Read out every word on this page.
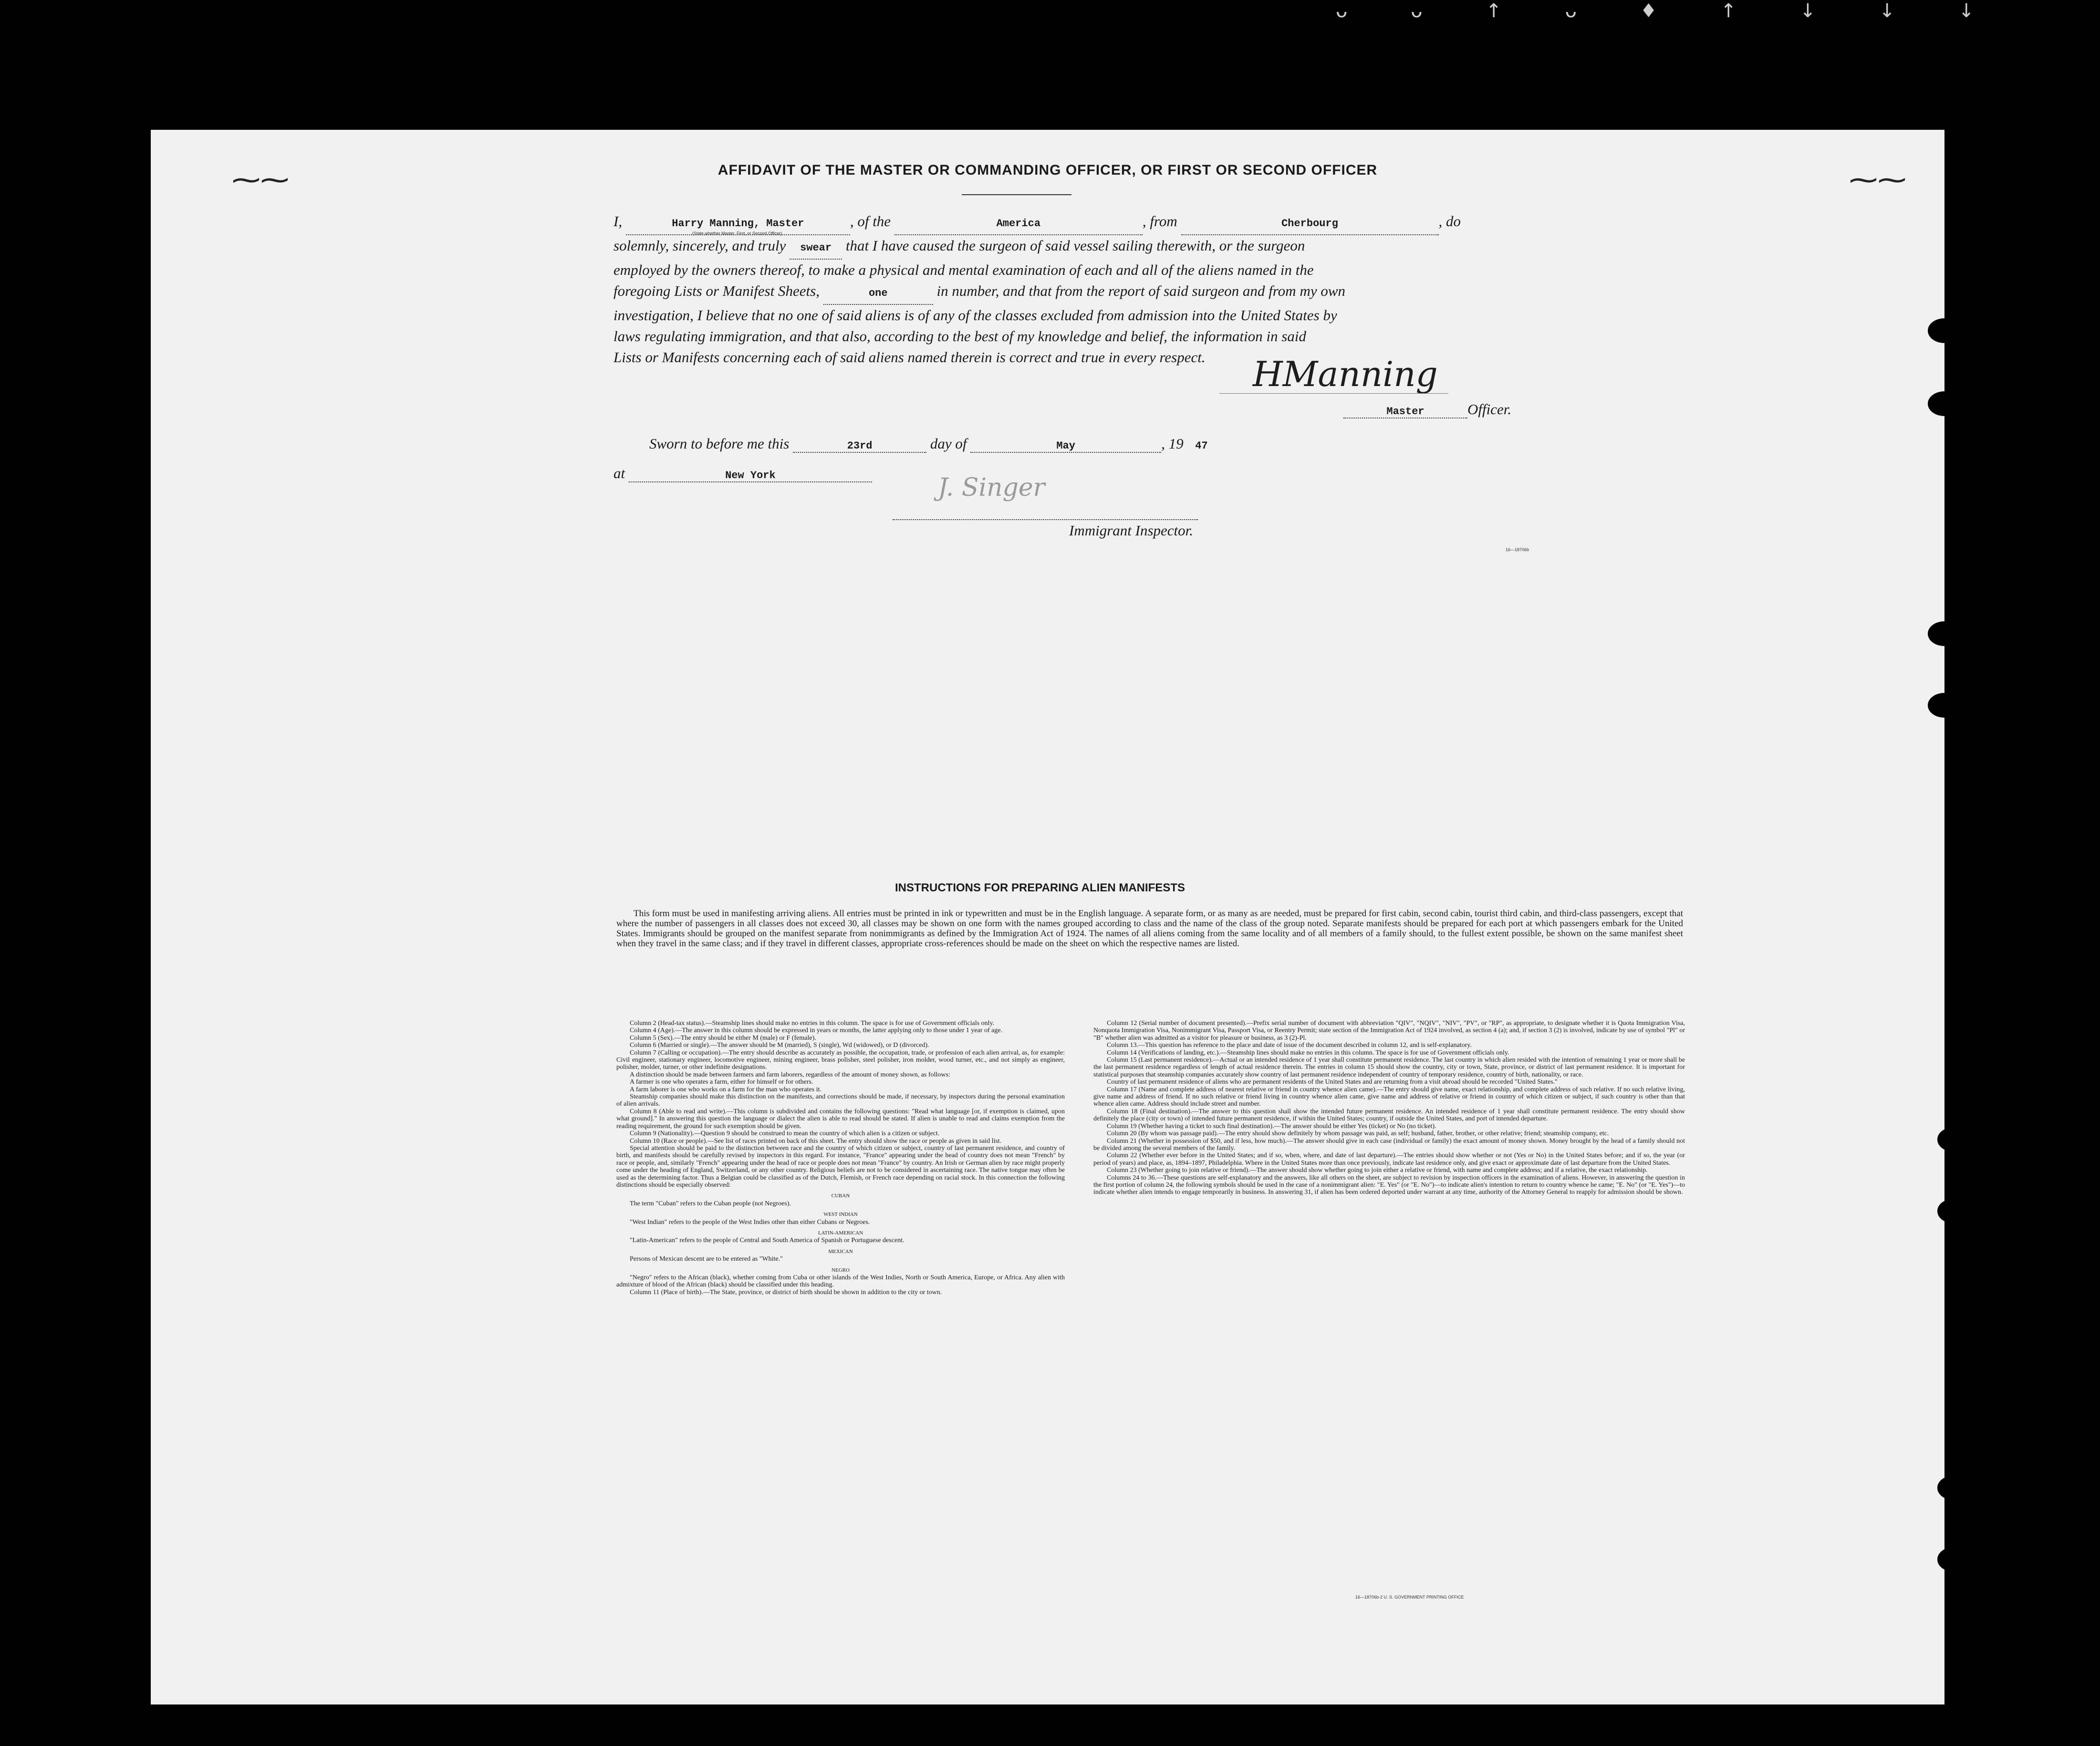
ᴗ ᴗ ↑ ᴗ ♦ ↑ ↓ ↓ ↓
⁓⁓	⁓⁓
AFFIDAVIT OF THE MASTER OR COMMANDING OFFICER, OR FIRST OR SECOND OFFICER
I,	Harry Manning, Master	, of the	America	, from	Cherbourg	, do
solemnly, sincerely, and truly swear that I have caused the surgeon of said vessel sailing therewith, or the surgeon
employed by the owners thereof, to make a physical and mental examination of each and all of the aliens named in the
foregoing Lists or Manifest Sheets,	one	in number, and that from the report of said surgeon and from my own
investigation, I believe that no one of said aliens is of any of the classes excluded from admission into the United States by
laws regulating immigration, and that also, according to the best of my knowledge and belief, the information in said
Lists or Manifests concerning each of said aliens named therein is correct and true in every respect.
(State whether Master, First, or Second Officer)
HManning
Master	Officer.
Sworn to before me this	23rd	day of	May	, 19 47
at	New York	J. Singer
Immigrant Inspector.
16—18706b
INSTRUCTIONS FOR PREPARING ALIEN MANIFESTS
This form must be used in manifesting arriving aliens. All entries must be printed in ink or typewritten and must be in the English language. A separate form, or as many as are needed, must be prepared for first cabin, second cabin, tourist third cabin, and third-class passengers, except that where the number of passengers in all classes does not exceed 30, all classes may be shown on one form with the names grouped according to class and the name of the class of the group noted. Separate manifests should be prepared for each port at which passengers embark for the United States. Immigrants should be grouped on the manifest separate from nonimmigrants as defined by the Immigration Act of 1924. The names of all aliens coming from the same locality and of all members of a family should, to the fullest extent possible, be shown on the same manifest sheet when they travel in the same class; and if they travel in different classes, appropriate cross-references should be made on the sheet on which the respective names are listed.

Column 2 (Head-tax status).—Steamship lines should make no entries in this column. The space is for use of Government officials only.

Column 4 (Age).—The answer in this column should be expressed in years or months, the latter applying only to those under 1 year of age.

Column 5 (Sex).—The entry should be either M (male) or F (female).

Column 6 (Married or single).—The answer should be M (married), S (single), Wd (widowed), or D (divorced).

Column 7 (Calling or occupation).—The entry should describe as accurately as possible, the occupation, trade, or profession of each alien arrival, as, for example: Civil engineer, stationary engineer, locomotive engineer, mining engineer, brass polisher, steel polisher, iron molder, wood turner, etc., and not simply as engineer, polisher, molder, turner, or other indefinite designations.

A distinction should be made between farmers and farm laborers, regardless of the amount of money shown, as follows:

A farmer is one who operates a farm, either for himself or for others.

A farm laborer is one who works on a farm for the man who operates it.

Steamship companies should make this distinction on the manifests, and corrections should be made, if necessary, by inspectors during the personal examination of alien arrivals.

Column 8 (Able to read and write).—This column is subdivided and contains the following questions: "Read what language [or, if exemption is claimed, upon what ground]." In answering this question the language or dialect the alien is able to read should be stated. If alien is unable to read and claims exemption from the reading requirement, the ground for such exemption should be given.

Column 9 (Nationality).—Question 9 should be construed to mean the country of which alien is a citizen or subject.

Column 10 (Race or people).—See list of races printed on back of this sheet. The entry should show the race or people as given in said list.

Special attention should be paid to the distinction between race and the country of which citizen or subject, country of last permanent residence, and country of birth, and manifests should be carefully revised by inspectors in this regard. For instance, "France" appearing under the head of country does not mean "French" by race or people, and, similarly "French" appearing under the head of race or people does not mean "France" by country. An Irish or German alien by race might properly come under the heading of England, Switzerland, or any other country. Religious beliefs are not to be considered in ascertaining race. The native tongue may often be used as the determining factor. Thus a Belgian could be classified as of the Dutch, Flemish, or French race depending on racial stock. In this connection the following distinctions should be especially observed:

CUBAN

The term "Cuban" refers to the Cuban people (not Negroes).

WEST INDIAN

"West Indian" refers to the people of the West Indies other than either Cubans or Negroes.

LATIN-AMERICAN

"Latin-American" refers to the people of Central and South America of Spanish or Portuguese descent.

MEXICAN

Persons of Mexican descent are to be entered as "White."

NEGRO

"Negro" refers to the African (black), whether coming from Cuba or other islands of the West Indies, North or South America, Europe, or Africa. Any alien with admixture of blood of the African (black) should be classified under this heading.

Column 11 (Place of birth).—The State, province, or district of birth should be shown in addition to the city or town.

Column 12 (Serial number of document presented).—Prefix serial number of document with abbreviation "QIV", "NQIV", "NIV", "PV", or "RP", as appropriate, to designate whether it is Quota Immigration Visa, Nonquota Immigration Visa, Nonimmigrant Visa, Passport Visa, or Reentry Permit; state section of the Immigration Act of 1924 involved, as section 4 (a); and, if section 3 (2) is involved, indicate by use of symbol "Pl" or "B" whether alien was admitted as a visitor for pleasure or business, as 3 (2)-Pl.

Column 13.—This question has reference to the place and date of issue of the document described in column 12, and is self-explanatory.

Column 14 (Verifications of landing, etc.).—Steamship lines should make no entries in this column. The space is for use of Government officials only.

Column 15 (Last permanent residence).—Actual or an intended residence of 1 year shall constitute permanent residence. The last country in which alien resided with the intention of remaining 1 year or more shall be the last permanent residence regardless of length of actual residence therein. The entries in column 15 should show the country, city or town, State, province, or district of last permanent residence. It is important for statistical purposes that steamship companies accurately show country of last permanent residence independent of country of temporary residence, country of birth, nationality, or race.

Country of last permanent residence of aliens who are permanent residents of the United States and are returning from a visit abroad should be recorded "United States."

Column 17 (Name and complete address of nearest relative or friend in country whence alien came).—The entry should give name, exact relationship, and complete address of such relative. If no such relative living, give name and address of friend. If no such relative or friend living in country whence alien came, give name and address of relative or friend in country of which citizen or subject, if such country is other than that whence alien came. Address should include street and number.

Column 18 (Final destination).—The answer to this question shall show the intended future permanent residence. An intended residence of 1 year shall constitute permanent residence. The entry should show definitely the place (city or town) of intended future permanent residence, if within the United States; country, if outside the United States, and port of intended departure.

Column 19 (Whether having a ticket to such final destination).—The answer should be either Yes (ticket) or No (no ticket).

Column 20 (By whom was passage paid).—The entry should show definitely by whom passage was paid, as self; husband, father, brother, or other relative; friend; steamship company, etc.

Column 21 (Whether in possession of $50, and if less, how much).—The answer should give in each case (individual or family) the exact amount of money shown. Money brought by the head of a family should not be divided among the several members of the family.

Column 22 (Whether ever before in the United States; and if so, when, where, and date of last departure).—The entries should show whether or not (Yes or No) in the United States before; and if so, the year (or period of years) and place, as, 1894–1897, Philadelphia. Where in the United States more than once previously, indicate last residence only, and give exact or approximate date of last departure from the United States.

Column 23 (Whether going to join relative or friend).—The answer should show whether going to join either a relative or friend, with name and complete address; and if a relative, the exact relationship.

Columns 24 to 36.—These questions are self-explanatory and the answers, like all others on the sheet, are subject to revision by inspection officers in the examination of aliens. However, in answering the question in the first portion of column 24, the following symbols should be used in the case of a nonimmigrant alien: "E. Yes" (or "E. No")—to indicate alien's intention to return to country whence he came; "E. No" (or "E. Yes")—to indicate whether alien intends to engage temporarily in business. In answering 31, if alien has been ordered deported under warrant at any time, authority of the Attorney General to reapply for admission should be shown.

16—18706b-2 U. S. GOVERNMENT PRINTING OFFICE
